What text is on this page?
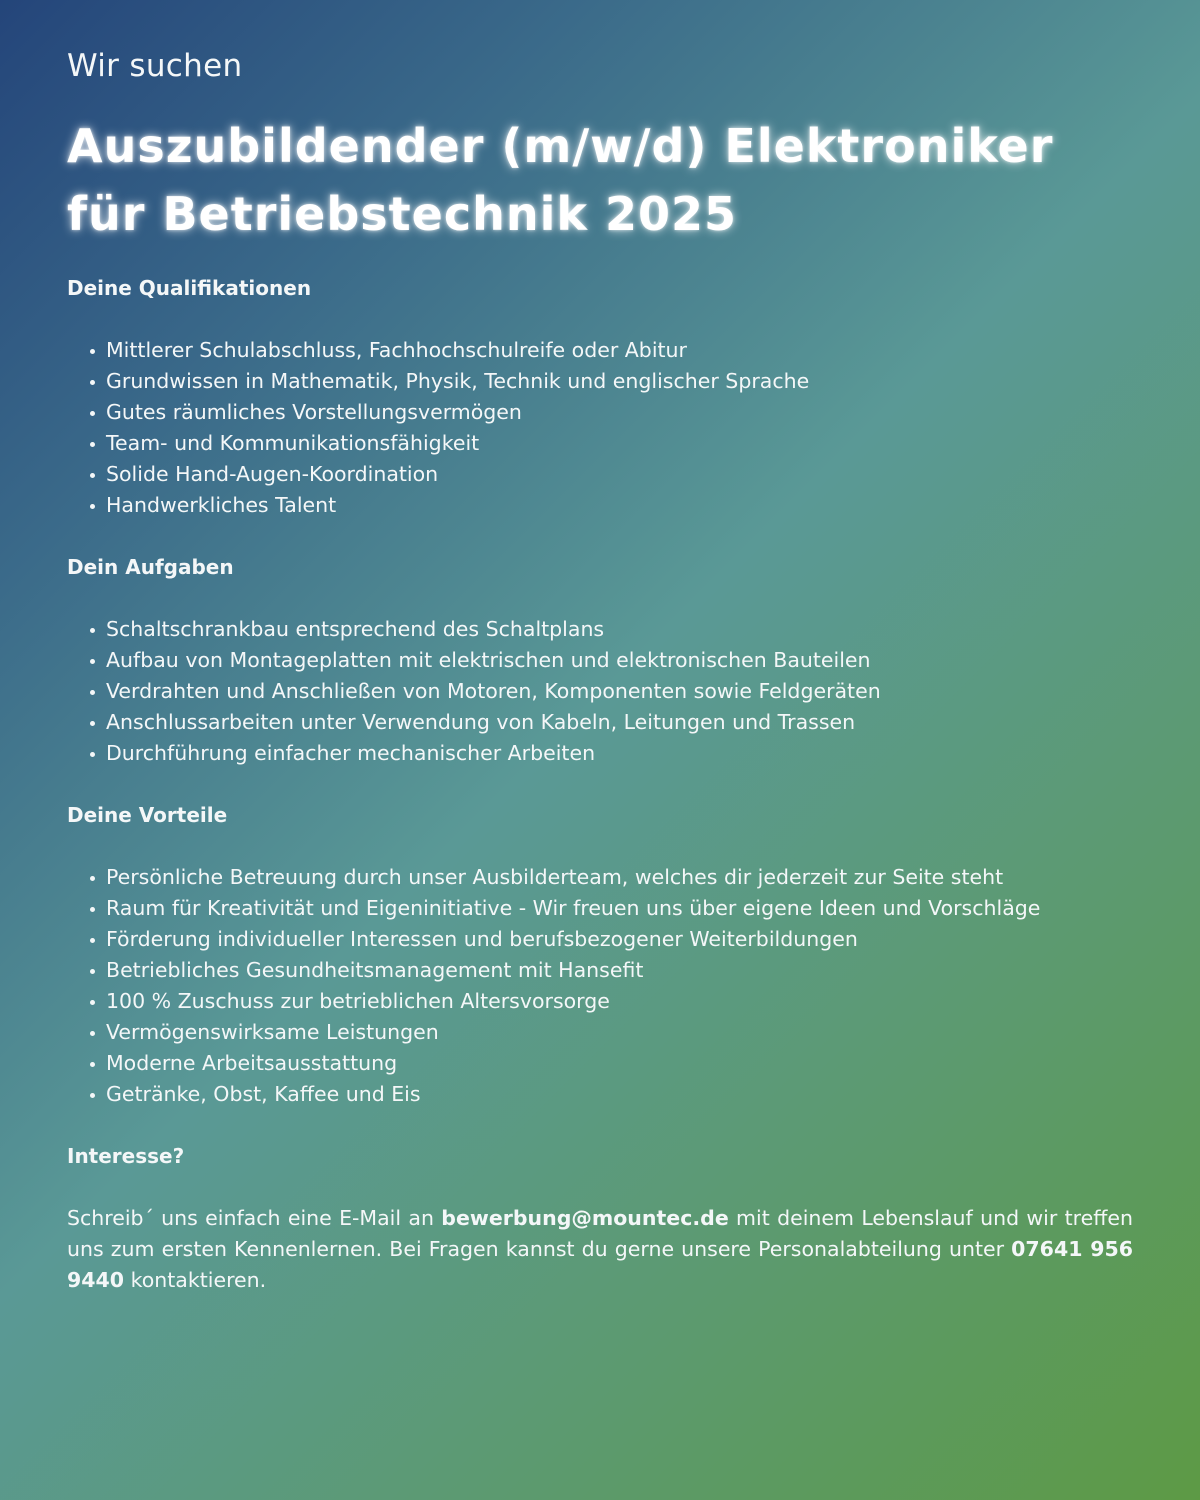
Wir suchen
Auszubildender (m/w/d) Elektroniker für Betriebstechnik 2025
Deine Qualifikationen
Mittlerer Schulabschluss, Fachhochschulreife oder Abitur
Grundwissen in Mathematik, Physik, Technik und englischer Sprache
Gutes räumliches Vorstellungsvermögen
Team- und Kommunikationsfähigkeit
Solide Hand-Augen-Koordination
Handwerkliches Talent
Dein Aufgaben
Schaltschrankbau entsprechend des Schaltplans
Aufbau von Montageplatten mit elektrischen und elektronischen Bauteilen
Verdrahten und Anschließen von Motoren, Komponenten sowie Feldgeräten
Anschlussarbeiten unter Verwendung von Kabeln, Leitungen und Trassen
Durchführung einfacher mechanischer Arbeiten
Deine Vorteile
Persönliche Betreuung durch unser Ausbilderteam, welches dir jederzeit zur Seite steht
Raum für Kreativität und Eigeninitiative - Wir freuen uns über eigene Ideen und Vorschläge
Förderung individueller Interessen und berufsbezogener Weiterbildungen
Betriebliches Gesundheitsmanagement mit Hansefit
100 % Zuschuss zur betrieblichen Altersvorsorge
Vermögenswirksame Leistungen
Moderne Arbeitsausstattung
Getränke, Obst, Kaffee und Eis
Interesse?

Schreib´ uns einfach eine E-Mail an bewerbung@mountec.de mit deinem Lebenslauf und wir treffen uns zum ersten Kennenlernen. Bei Fragen kannst du gerne unsere Personalabteilung unter 07641 956 9440 kontaktieren.
